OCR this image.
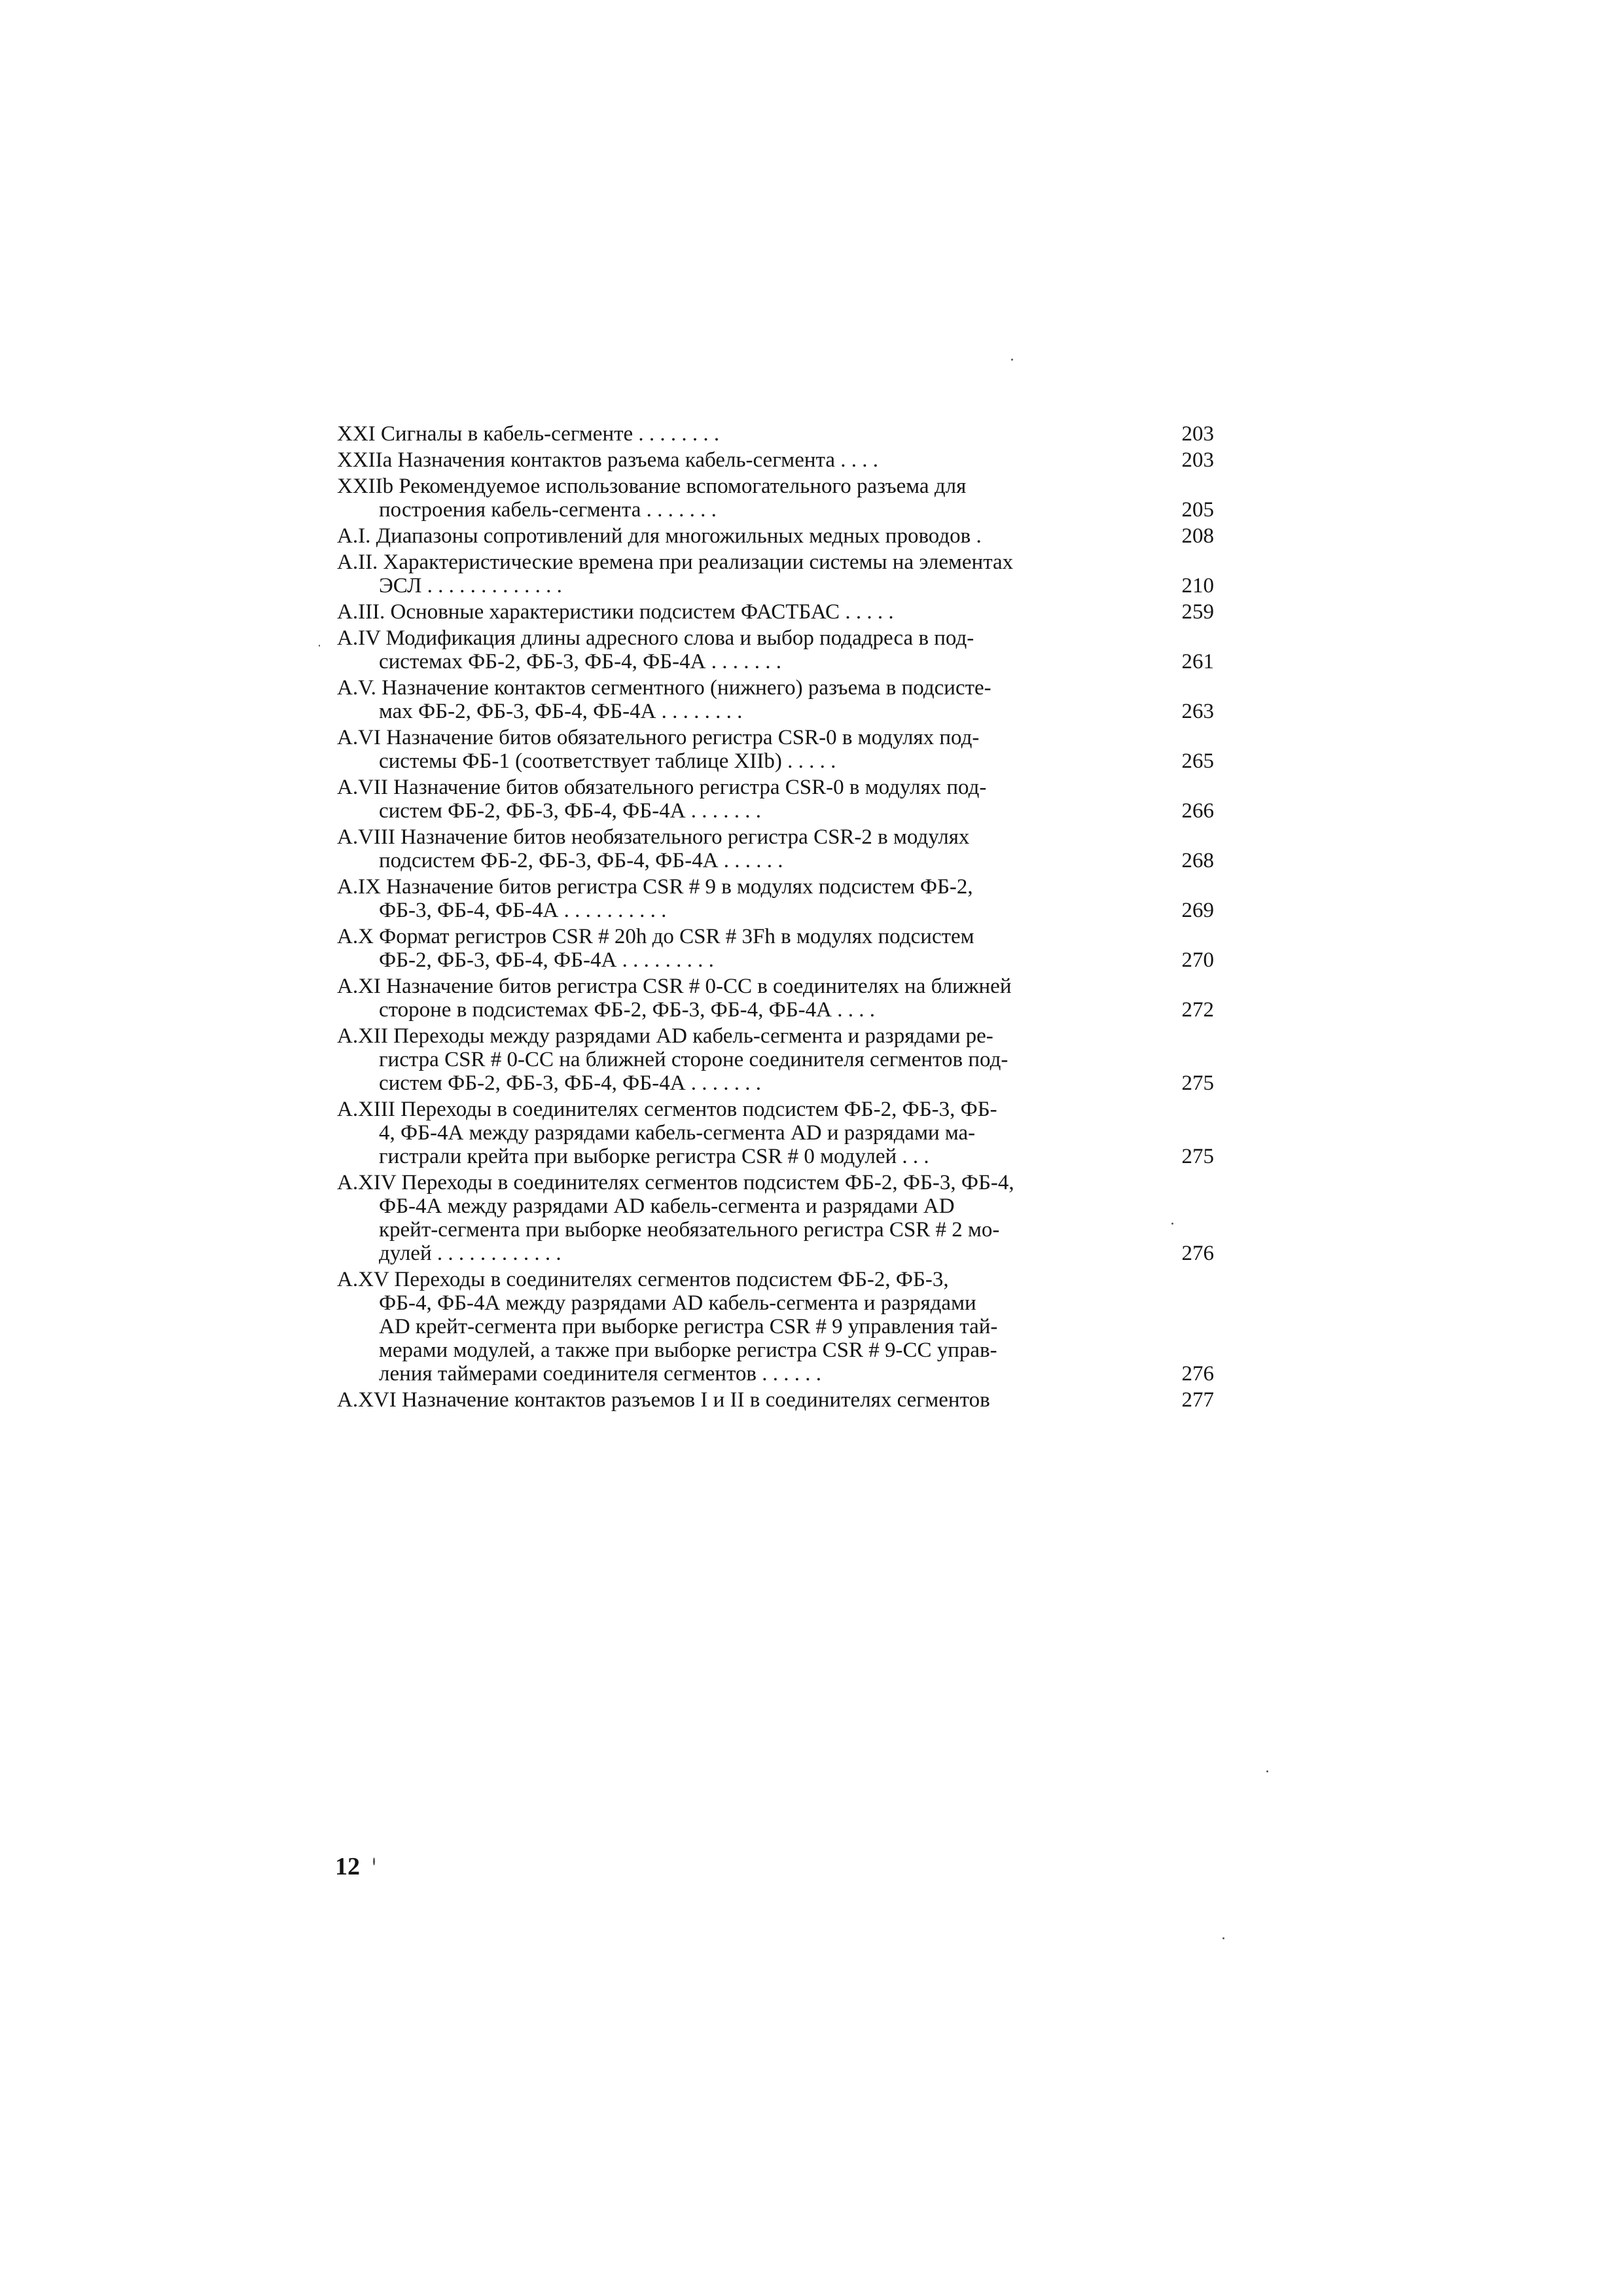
XXI Сигналы в кабель-сегменте . . . . . . . .	203
XXIIa Назначения контактов разъема кабель-сегмента . . . .	203
XXIIb Рекомендуемое использование вспомогательного разъема для
построения кабель-сегмента . . . . . . .	205
A.I. Диапазоны сопротивлений для многожильных медных проводов .	208
A.II. Характеристические времена при реализации системы на элементах
ЭСЛ . . . . . . . . . . . . .	210
A.III. Основные характеристики подсистем ФАСТБАС . . . . .	259
A.IV Модификация длины адресного слова и выбор подадреса в под-
системах ФБ-2, ФБ-3, ФБ-4, ФБ-4А . . . . . . .	261
A.V. Назначение контактов сегментного (нижнего) разъема в подсисте-
мах ФБ-2, ФБ-3, ФБ-4, ФБ-4А . . . . . . . .	263
A.VI Назначение битов обязательного регистра CSR-0 в модулях под-
системы ФБ-1 (соответствует таблице XIIb) . . . . .	265
A.VII Назначение битов обязательного регистра CSR-0 в модулях под-
систем ФБ-2, ФБ-3, ФБ-4, ФБ-4А . . . . . . .	266
A.VIII Назначение битов необязательного регистра CSR-2 в модулях
подсистем ФБ-2, ФБ-3, ФБ-4, ФБ-4А . . . . . .	268
A.IX Назначение битов регистра CSR # 9 в модулях подсистем ФБ-2,
ФБ-3, ФБ-4, ФБ-4А . . . . . . . . . .	269
A.X Формат регистров CSR # 20h до CSR # 3Fh в модулях подсистем
ФБ-2, ФБ-3, ФБ-4, ФБ-4А . . . . . . . . .	270
A.XI Назначение битов регистра CSR # 0-CC в соединителях на ближней
стороне в подсистемах ФБ-2, ФБ-3, ФБ-4, ФБ-4А . . . .	272
A.XII Переходы между разрядами AD кабель-сегмента и разрядами ре-
гистра CSR # 0-CC на ближней стороне соединителя сегментов под-
систем ФБ-2, ФБ-3, ФБ-4, ФБ-4А . . . . . . .	275
A.XIII Переходы в соединителях сегментов подсистем ФБ-2, ФБ-3, ФБ-
4, ФБ-4А между разрядами кабель-сегмента AD и разрядами ма-
гистрали крейта при выборке регистра CSR # 0 модулей . . .	275
A.XIV Переходы в соединителях сегментов подсистем ФБ-2, ФБ-3, ФБ-4,
ФБ-4А между разрядами AD кабель-сегмента и разрядами AD
крейт-сегмента при выборке необязательного регистра CSR # 2 мо-
дулей . . . . . . . . . . . .	276
A.XV Переходы в соединителях сегментов подсистем ФБ-2, ФБ-3,
ФБ-4, ФБ-4А между разрядами AD кабель-сегмента и разрядами
AD крейт-сегмента при выборке регистра CSR # 9 управления тай-
мерами модулей, а также при выборке регистра CSR # 9-CC управ-
ления таймерами соединителя сегментов . . . . . .	276
A.XVI Назначение контактов разъемов I и II в соединителях сегментов	277
12
